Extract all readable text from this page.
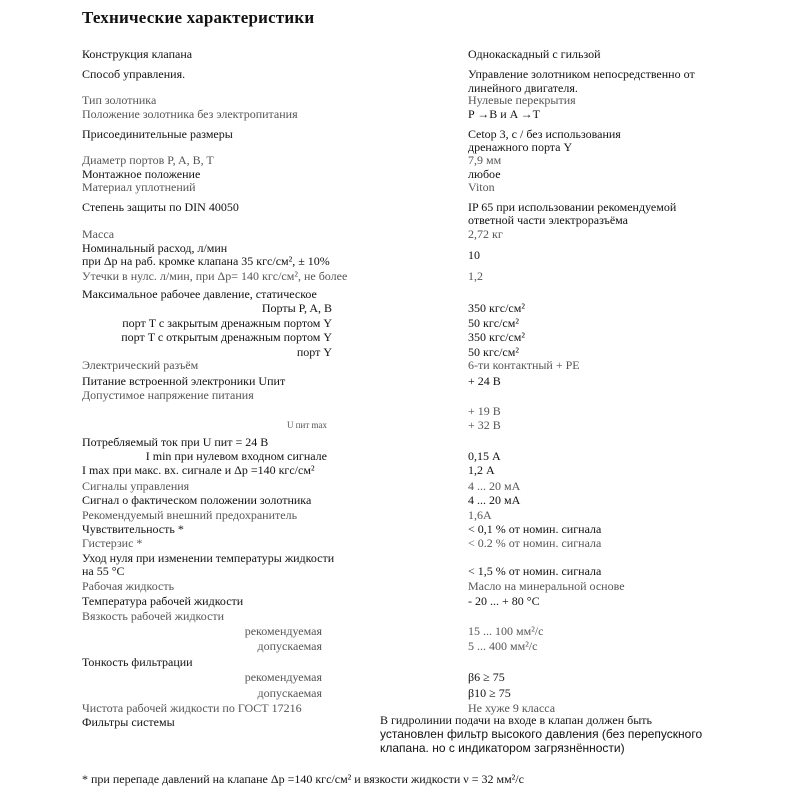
Технические характеристики
Конструкция клапана	Однокаскадный с гильзой
Способ управления.	Управление золотником непосредственно от линейного двигателя.
Тип золотника	Нулевые перекрытия
Положение золотника без электропитания	P →B и A →T
Присоединительные размеры	Cetop 3, с / без использования
дренажного порта Y
Диаметр портов P, A, B, T	7,9 мм
Монтажное положение	любое
Материал уплотнений	Viton
Степень защиты по DIN 40050	IP 65 при использовании рекомендуемой
ответной части электроразъёма
Масса	2,72 кг
Номинальный расход, л/мин
при Δp на раб. кромке клапана 35 кгс/см², ± 10%	10
Утечки в нулс. л/мин, при Δp= 140 кгс/см², не более	1,2
Максимальное рабочее давление, статическое
Порты P, A, B	350 кгс/см²
порт T с закрытым дренажным портом Y	50 кгс/см²
порт T с открытым дренажным портом Y	350 кгс/см²
порт Y	50 кгс/см²
Электрический разъём	6-ти контактный + PE
Питание встроенной электроники Uпит	+ 24 В
Допустимое напряжение питания
+ 19 В
U пит max	+ 32 В
Потребляемый ток при U пит = 24 В
I min при нулевом входном сигнале	0,15 А
I max при макс. вх. сигнале и Δp =140 кгс/см²	1,2 А
Сигналы управления	4 ... 20 мА
Сигнал о фактическом положении золотника	4 ... 20 мА
Рекомендуемый внешний предохранитель	1,6А
Чувствительность *	< 0,1 % от номин. сигнала
Гистерзис *	< 0.2 % от номин. сигнала
Уход нуля при изменении температуры жидкости
на 55 °C	< 1,5 % от номин. сигнала
Рабочая жидкость	Масло на минеральной основе
Температура рабочей жидкости	- 20 ... + 80 °C
Вязкость рабочей жидкости
рекомендуемая	15 ... 100 мм²/с
допускаемая	5 ... 400 мм²/с
Тонкость фильтрации
рекомендуемая	β6 ≥ 75
допускаемая	β10 ≥ 75
Чистота рабочей жидкости по ГОСТ 17216	Не хуже 9 класса
Фильтры системы	В гидролинии подачи на входе в клапан должен быть
установлен фильтр высокого давления (без перепускного
клапана. но с индикатором загрязнённости)
* при перепаде давлений на клапане Δp =140 кгс/см² и вязкости жидкости ν = 32 мм²/с
